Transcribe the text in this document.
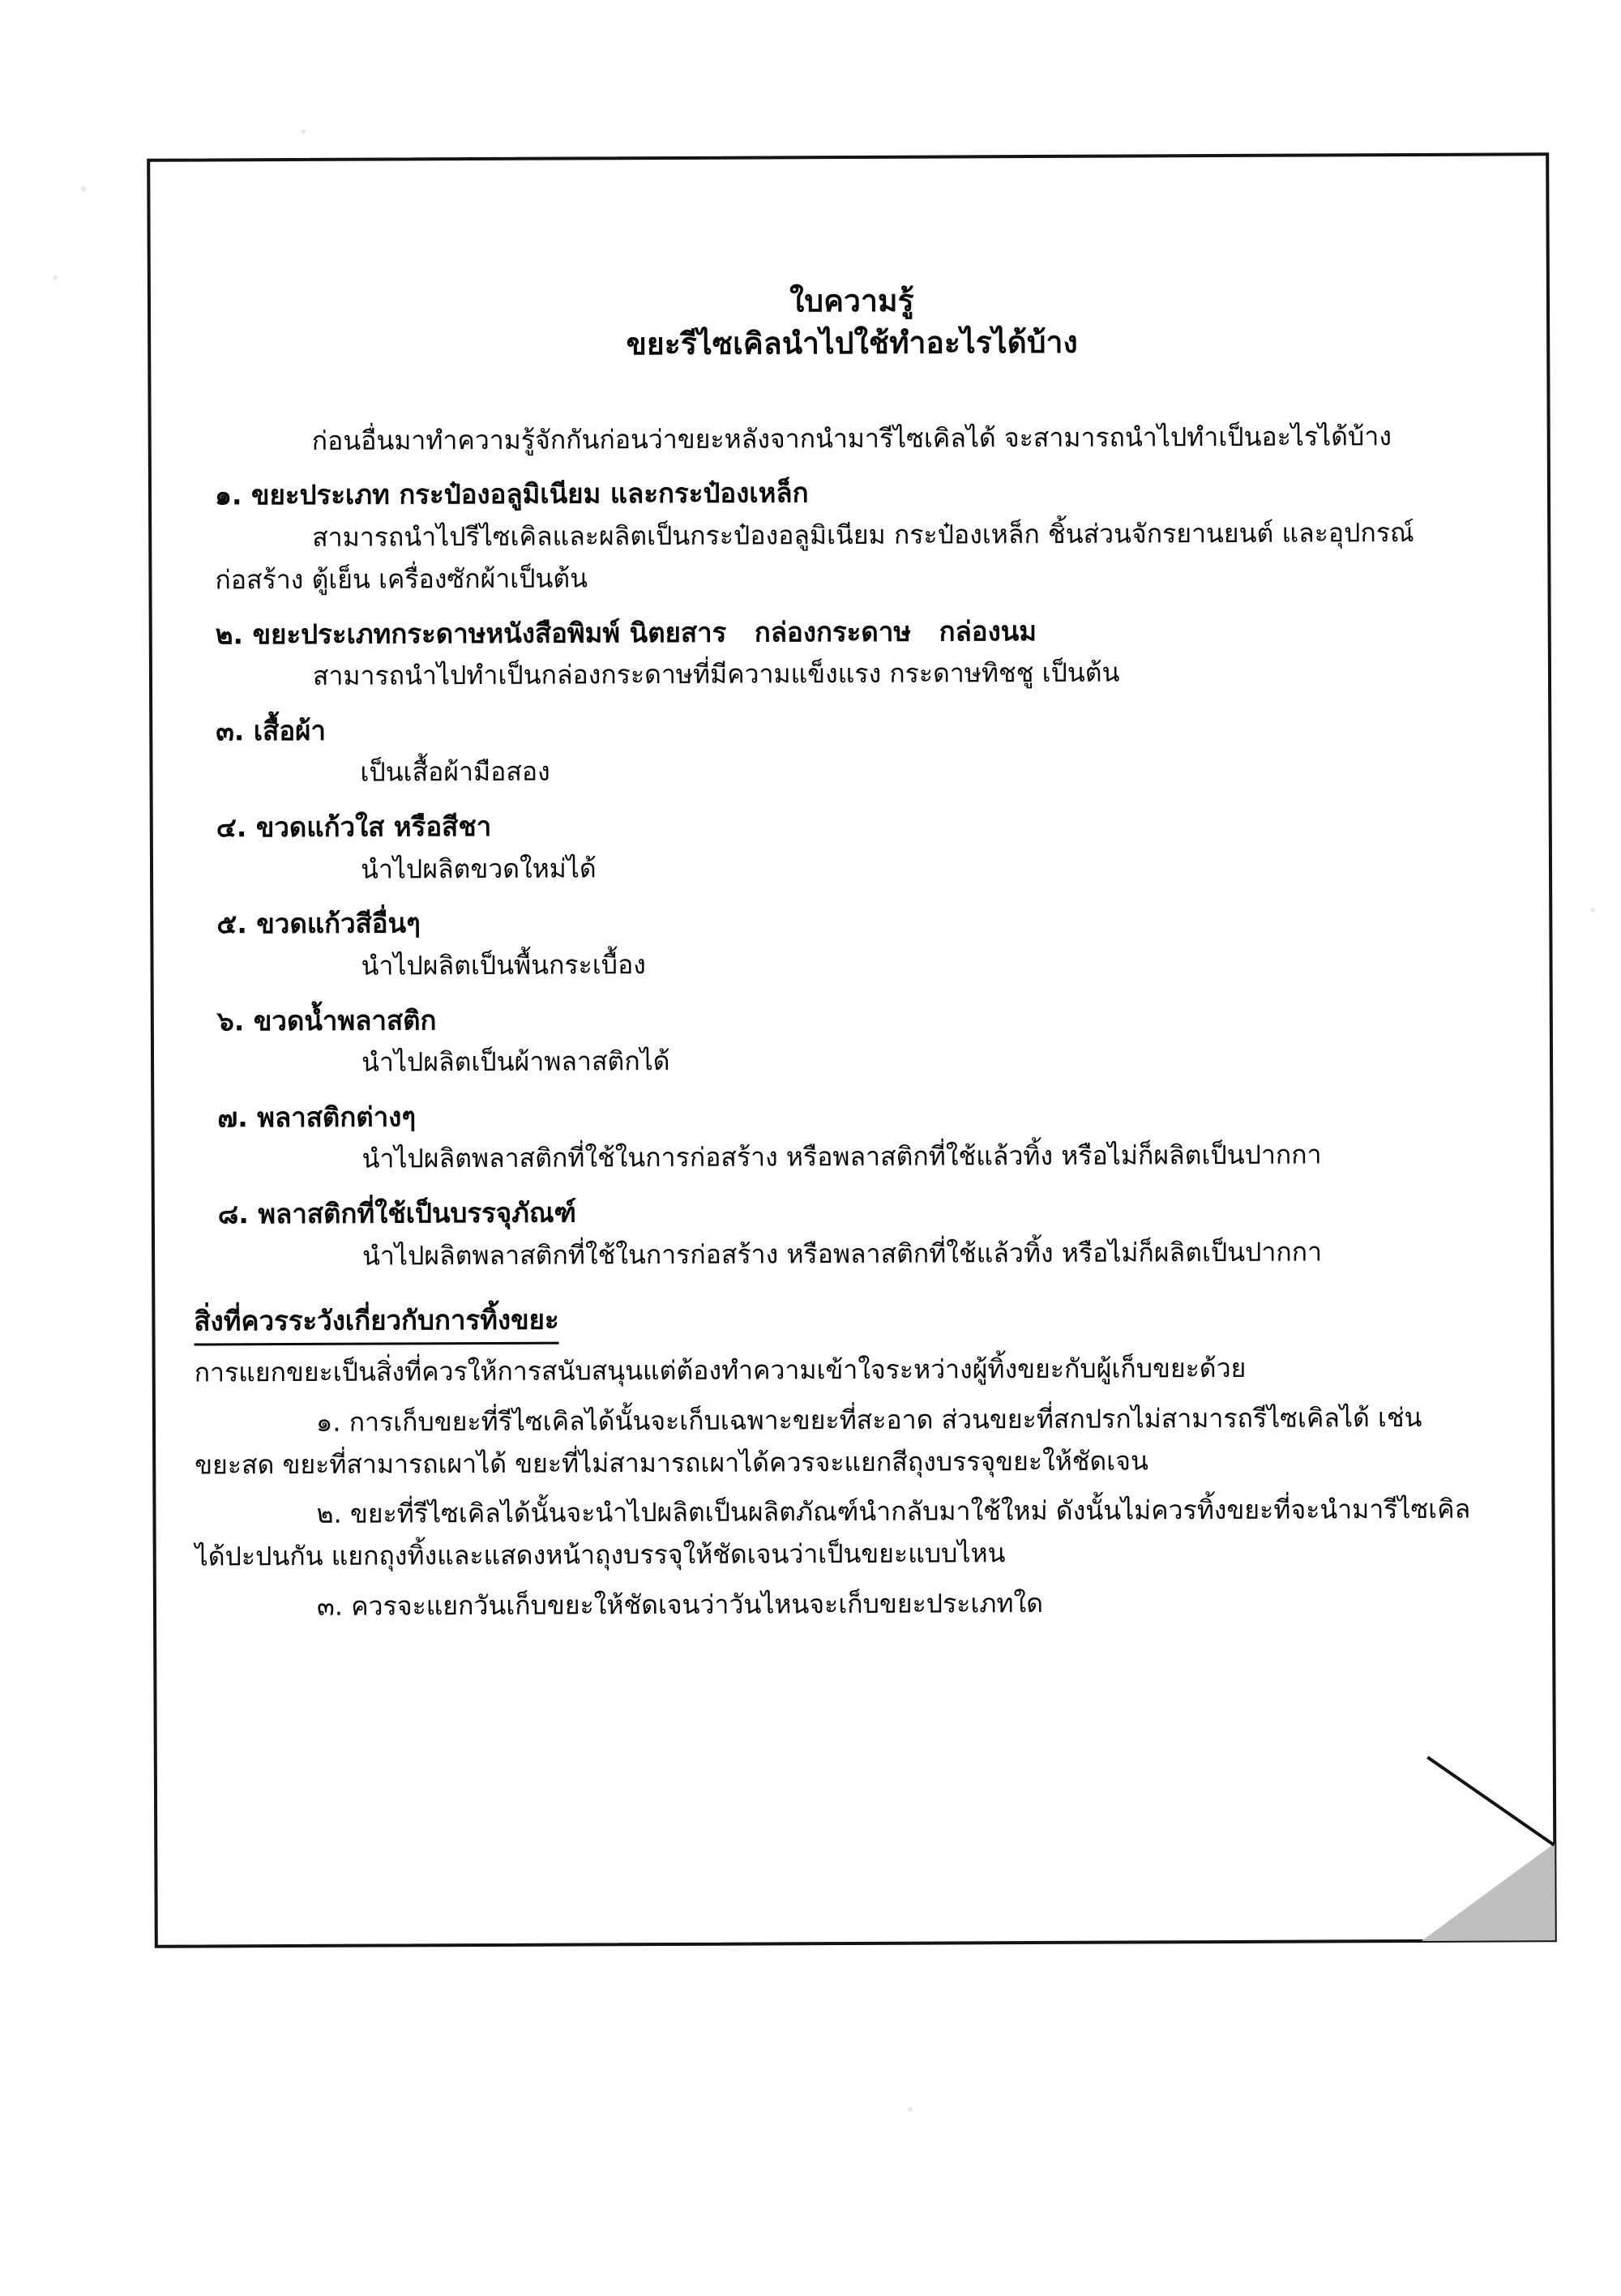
ใบความรู้
ขยะรีไซเคิลนำไปใช้ทำอะไรได้บ้าง
ก่อนอื่นมาทำความรู้จักกันก่อนว่าขยะหลังจากนำมารีไซเคิลได้ จะสามารถนำไปทำเป็นอะไรได้บ้าง
๑. ขยะประเภท กระป๋องอลูมิเนียม และกระป๋องเหล็ก
สามารถนำไปรีไซเคิลและผลิตเป็นกระป๋องอลูมิเนียม กระป๋องเหล็ก ชิ้นส่วนจักรยานยนต์ และอุปกรณ์
ก่อสร้าง ตู้เย็น เครื่องซักผ้าเป็นต้น
๒. ขยะประเภทกระดาษหนังสือพิมพ์ นิตยสาร   กล่องกระดาษ   กล่องนม
สามารถนำไปทำเป็นกล่องกระดาษที่มีความแข็งแรง กระดาษทิชชู เป็นต้น
๓. เสื้อผ้า
เป็นเสื้อผ้ามือสอง
๔. ขวดแก้วใส หรือสีชา
นำไปผลิตขวดใหม่ได้
๕. ขวดแก้วสีอื่นๆ
นำไปผลิตเป็นพื้นกระเบื้อง
๖. ขวดน้ำพลาสติก
นำไปผลิตเป็นผ้าพลาสติกได้
๗. พลาสติกต่างๆ
นำไปผลิตพลาสติกที่ใช้ในการก่อสร้าง หรือพลาสติกที่ใช้แล้วทิ้ง หรือไม่ก็ผลิตเป็นปากกา
๘. พลาสติกที่ใช้เป็นบรรจุภัณฑ์
นำไปผลิตพลาสติกที่ใช้ในการก่อสร้าง หรือพลาสติกที่ใช้แล้วทิ้ง หรือไม่ก็ผลิตเป็นปากกา
สิ่งที่ควรระวังเกี่ยวกับการทิ้งขยะ
การแยกขยะเป็นสิ่งที่ควรให้การสนับสนุนแต่ต้องทำความเข้าใจระหว่างผู้ทิ้งขยะกับผู้เก็บขยะด้วย
๑. การเก็บขยะที่รีไซเคิลได้นั้นจะเก็บเฉพาะขยะที่สะอาด ส่วนขยะที่สกปรกไม่สามารถรีไซเคิลได้ เช่น
ขยะสด ขยะที่สามารถเผาได้ ขยะที่ไม่สามารถเผาได้ควรจะแยกสีถุงบรรจุขยะให้ชัดเจน
๒. ขยะที่รีไซเคิลได้นั้นจะนำไปผลิตเป็นผลิตภัณฑ์นำกลับมาใช้ใหม่ ดังนั้นไม่ควรทิ้งขยะที่จะนำมารีไซเคิล
ได้ปะปนกัน แยกถุงทิ้งและแสดงหน้าถุงบรรจุให้ชัดเจนว่าเป็นขยะแบบไหน
๓. ควรจะแยกวันเก็บขยะให้ชัดเจนว่าวันไหนจะเก็บขยะประเภทใด
